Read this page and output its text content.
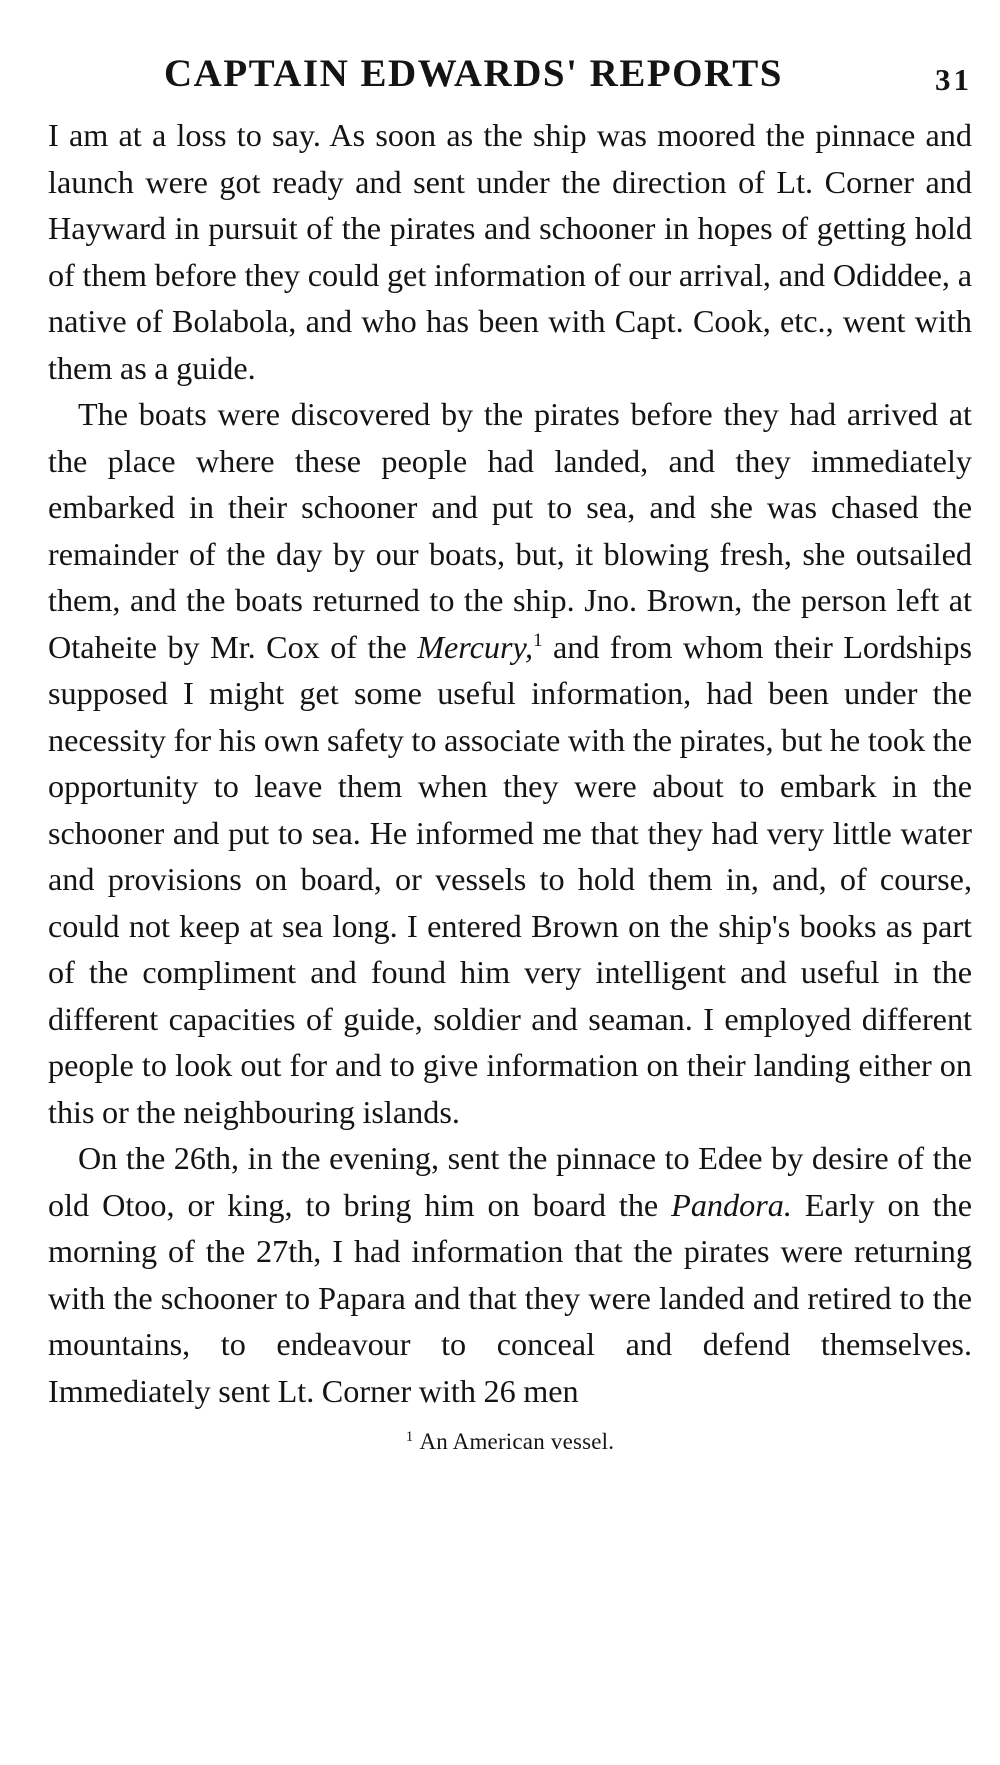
CAPTAIN EDWARDS' REPORTS	31

I am at a loss to say. As soon as the ship was moored the pinnace and launch were got ready and sent under the direction of Lt. Corner and Hayward in pursuit of the pirates and schooner in hopes of getting hold of them before they could get information of our arrival, and Odiddee, a native of Bolabola, and who has been with Capt. Cook, etc., went with them as a guide.

The boats were discovered by the pirates before they had arrived at the place where these people had landed, and they immediately embarked in their schooner and put to sea, and she was chased the remainder of the day by our boats, but, it blowing fresh, she outsailed them, and the boats returned to the ship. Jno. Brown, the person left at Otaheite by Mr. Cox of the Mercury,$^1$ and from whom their Lordships supposed I might get some useful information, had been under the necessity for his own safety to associate with the pirates, but he took the opportunity to leave them when they were about to embark in the schooner and put to sea. He informed me that they had very little water and provisions on board, or vessels to hold them in, and, of course, could not keep at sea long. I entered Brown on the ship's books as part of the compliment and found him very intelligent and useful in the different capacities of guide, soldier and seaman. I employed different people to look out for and to give information on their landing either on this or the neighbouring islands.

On the 26th, in the evening, sent the pinnace to Edee by desire of the old Otoo, or king, to bring him on board the Pandora. Early on the morning of the 27th, I had information that the pirates were returning with the schooner to Papara and that they were landed and retired to the mountains, to endeavour to conceal and defend themselves. Immediately sent Lt. Corner with 26 men

$^1$ An American vessel.
